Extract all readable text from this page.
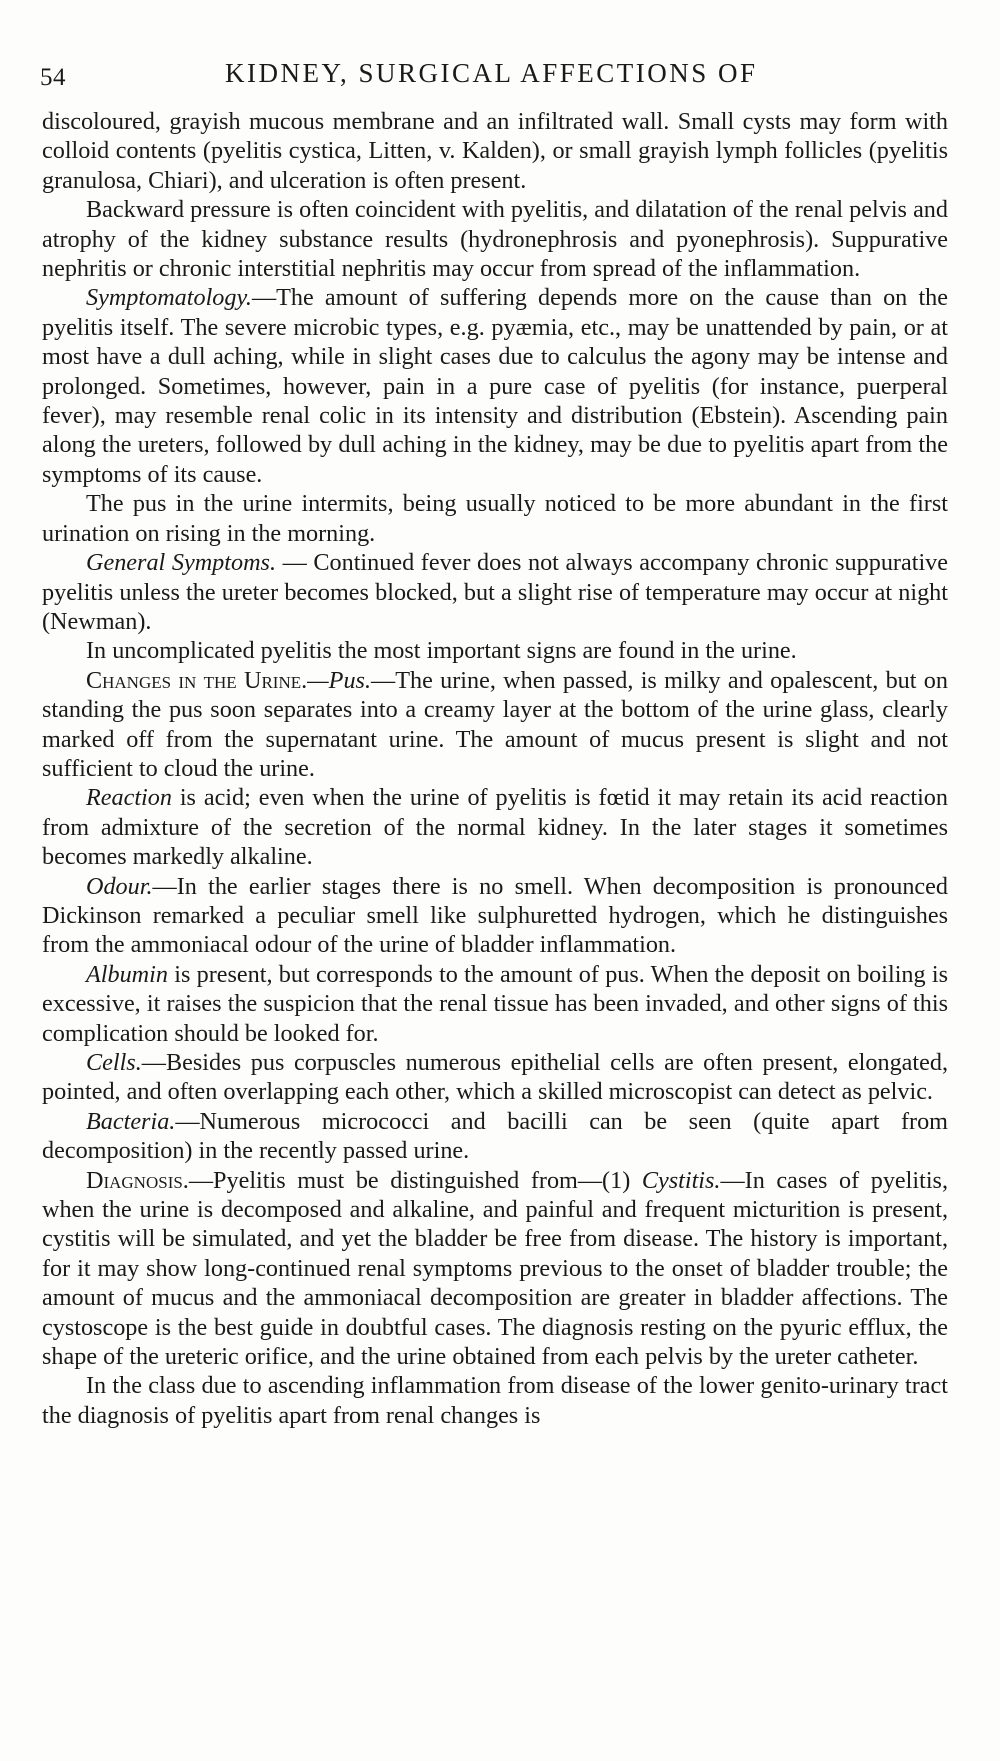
54	KIDNEY, SURGICAL AFFECTIONS OF

discoloured, grayish mucous membrane and an infiltrated wall. Small cysts may form with colloid contents (pyelitis cystica, Litten, v. Kalden), or small grayish lymph follicles (pyelitis granulosa, Chiari), and ulceration is often present.

Backward pressure is often coincident with pyelitis, and dilatation of the renal pelvis and atrophy of the kidney substance results (hydronephrosis and pyonephrosis). Suppurative nephritis or chronic interstitial nephritis may occur from spread of the inflammation.

Symptomatology.—The amount of suffering depends more on the cause than on the pyelitis itself. The severe microbic types, e.g. pyæmia, etc., may be unattended by pain, or at most have a dull aching, while in slight cases due to calculus the agony may be intense and prolonged. Sometimes, however, pain in a pure case of pyelitis (for instance, puerperal fever), may resemble renal colic in its intensity and distribution (Ebstein). Ascending pain along the ureters, followed by dull aching in the kidney, may be due to pyelitis apart from the symptoms of its cause.

The pus in the urine intermits, being usually noticed to be more abundant in the first urination on rising in the morning.

General Symptoms. — Continued fever does not always accompany chronic suppurative pyelitis unless the ureter becomes blocked, but a slight rise of temperature may occur at night (Newman).

In uncomplicated pyelitis the most important signs are found in the urine.

Changes in the Urine.—Pus.—The urine, when passed, is milky and opalescent, but on standing the pus soon separates into a creamy layer at the bottom of the urine glass, clearly marked off from the supernatant urine. The amount of mucus present is slight and not sufficient to cloud the urine.

Reaction is acid; even when the urine of pyelitis is fœtid it may retain its acid reaction from admixture of the secretion of the normal kidney. In the later stages it sometimes becomes markedly alkaline.

Odour.—In the earlier stages there is no smell. When decomposition is pronounced Dickinson remarked a peculiar smell like sulphuretted hydrogen, which he distinguishes from the ammoniacal odour of the urine of bladder inflammation.

Albumin is present, but corresponds to the amount of pus. When the deposit on boiling is excessive, it raises the suspicion that the renal tissue has been invaded, and other signs of this complication should be looked for.

Cells.—Besides pus corpuscles numerous epithelial cells are often present, elongated, pointed, and often overlapping each other, which a skilled microscopist can detect as pelvic.

Bacteria.—Numerous micrococci and bacilli can be seen (quite apart from decomposition) in the recently passed urine.

Diagnosis.—Pyelitis must be distinguished from—(1) Cystitis.—In cases of pyelitis, when the urine is decomposed and alkaline, and painful and frequent micturition is present, cystitis will be simulated, and yet the bladder be free from disease. The history is important, for it may show long-continued renal symptoms previous to the onset of bladder trouble; the amount of mucus and the ammoniacal decomposition are greater in bladder affections. The cystoscope is the best guide in doubtful cases. The diagnosis resting on the pyuric efflux, the shape of the ureteric orifice, and the urine obtained from each pelvis by the ureter catheter.

In the class due to ascending inflammation from disease of the lower genito-urinary tract the diagnosis of pyelitis apart from renal changes is
